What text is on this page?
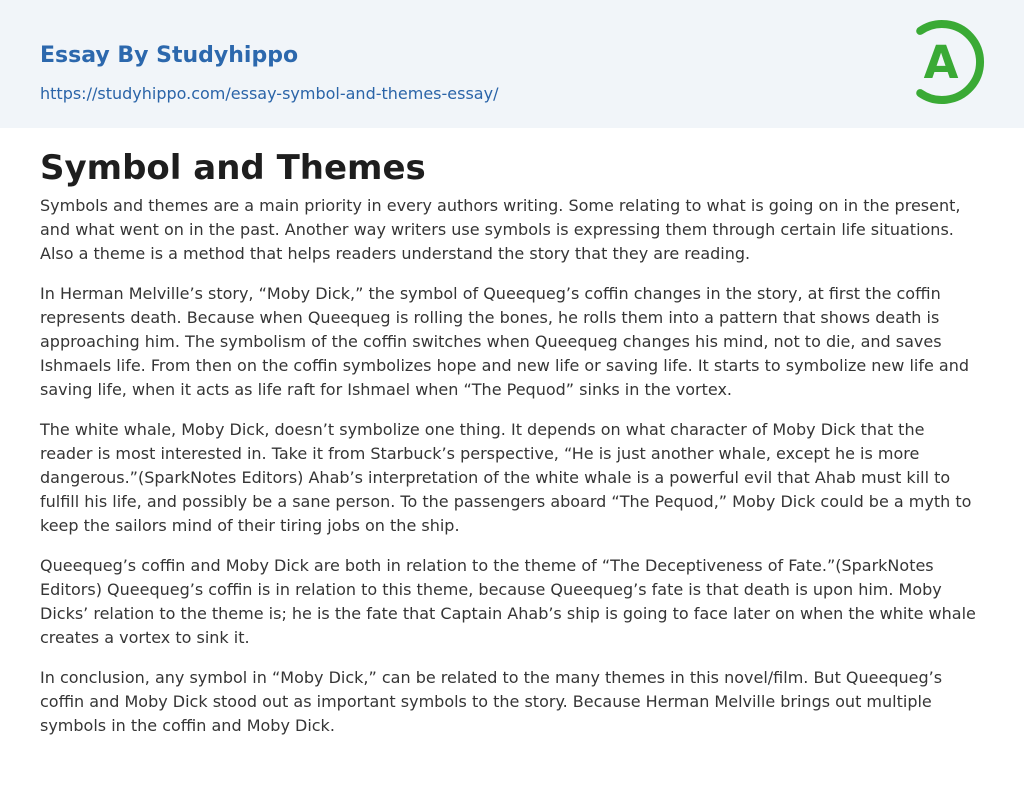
Essay By Studyhippo
https://studyhippo.com/essay-symbol-and-themes-essay/
A
Symbol and Themes

Symbols and themes are a main priority in every authors writing. Some relating to what is going on in the present,
and what went on in the past. Another way writers use symbols is expressing them through certain life situations.
Also a theme is a method that helps readers understand the story that they are reading.

In Herman Melville’s story, “Moby Dick,” the symbol of Queequeg’s coffin changes in the story, at first the coffin
represents death. Because when Queequeg is rolling the bones, he rolls them into a pattern that shows death is
approaching him. The symbolism of the coffin switches when Queequeg changes his mind, not to die, and saves
Ishmaels life. From then on the coffin symbolizes hope and new life or saving life. It starts to symbolize new life and
saving life, when it acts as life raft for Ishmael when “The Pequod” sinks in the vortex.

The white whale, Moby Dick, doesn’t symbolize one thing. It depends on what character of Moby Dick that the
reader is most interested in. Take it from Starbuck’s perspective, “He is just another whale, except he is more
dangerous.”(SparkNotes Editors) Ahab’s interpretation of the white whale is a powerful evil that Ahab must kill to
fulfill his life, and possibly be a sane person. To the passengers aboard “The Pequod,” Moby Dick could be a myth to
keep the sailors mind of their tiring jobs on the ship.

Queequeg’s coffin and Moby Dick are both in relation to the theme of “The Deceptiveness of Fate.”(SparkNotes
Editors) Queequeg’s coffin is in relation to this theme, because Queequeg’s fate is that death is upon him. Moby
Dicks’ relation to the theme is; he is the fate that Captain Ahab’s ship is going to face later on when the white whale
creates a vortex to sink it.

In conclusion, any symbol in “Moby Dick,” can be related to the many themes in this novel/film. But Queequeg’s
coffin and Moby Dick stood out as important symbols to the story. Because Herman Melville brings out multiple
symbols in the coffin and Moby Dick.
